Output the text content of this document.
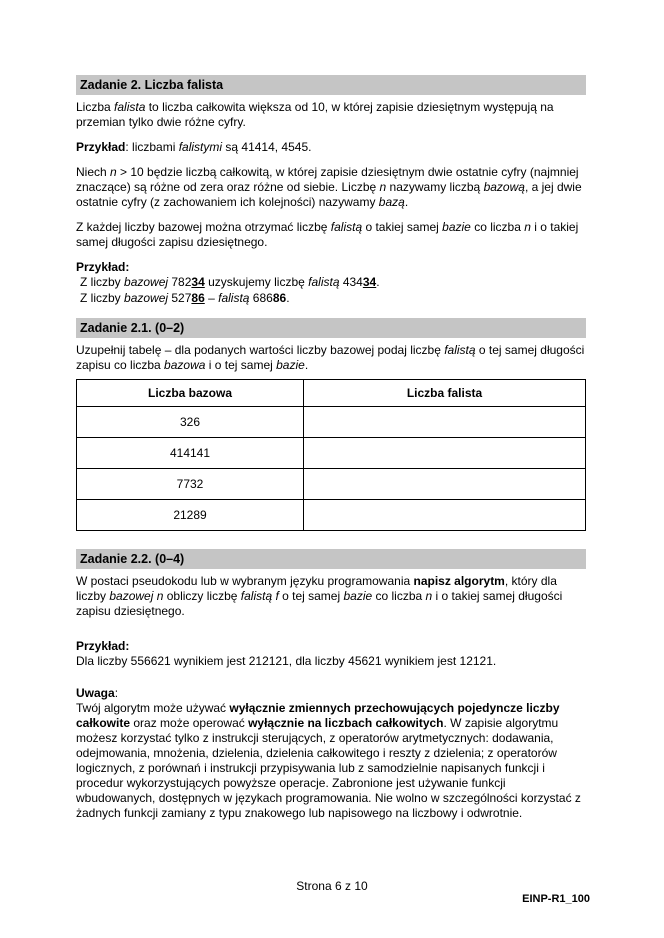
Zadanie 2. Liczba falista

Liczba falista to liczba całkowita większa od 10, w której zapisie dziesiętnym występują na przemian tylko dwie różne cyfry.

Przykład: liczbami falistymi są 41414, 4545.

Niech n > 10 będzie liczbą całkowitą, w której zapisie dziesiętnym dwie ostatnie cyfry (najmniej znaczące) są różne od zera oraz różne od siebie. Liczbę n nazywamy liczbą bazową, a jej dwie ostatnie cyfry (z zachowaniem ich kolejności) nazywamy bazą.

Z każdej liczby bazowej można otrzymać liczbę falistą o takiej samej bazie co liczba n i o takiej samej długości zapisu dziesiętnego.

Przykład:

Z liczby bazowej 78234 uzyskujemy liczbę falistą 43434.

Z liczby bazowej 52786 – falistą 68686.

Zadanie 2.1. (0–2)

Uzupełnij tabelę – dla podanych wartości liczby bazowej podaj liczbę falistą o tej samej długości zapisu co liczba bazowa i o tej samej bazie.

Liczba bazowa	Liczba falista
326	
414141	
7732	
21289	
Zadanie 2.2. (0–4)

W postaci pseudokodu lub w wybranym języku programowania napisz algorytm, który dla liczby bazowej n obliczy liczbę falistą f o tej samej bazie co liczba n i o takiej samej długości zapisu dziesiętnego.

Przykład:

Dla liczby 556621 wynikiem jest 212121, dla liczby 45621 wynikiem jest 12121.

Uwaga:

Twój algorytm może używać wyłącznie zmiennych przechowujących pojedyncze liczby całkowite oraz może operować wyłącznie na liczbach całkowitych. W zapisie algorytmu możesz korzystać tylko z instrukcji sterujących, z operatorów arytmetycznych: dodawania, odejmowania, mnożenia, dzielenia, dzielenia całkowitego i reszty z dzielenia; z operatorów logicznych, z porównań i instrukcji przypisywania lub z samodzielnie napisanych funkcji i procedur wykorzystujących powyższe operacje. Zabronione jest używanie funkcji wbudowanych, dostępnych w językach programowania. Nie wolno w szczególności korzystać z żadnych funkcji zamiany z typu znakowego lub napisowego na liczbowy i odwrotnie.

Strona 6 z 10
EINP-R1_100
